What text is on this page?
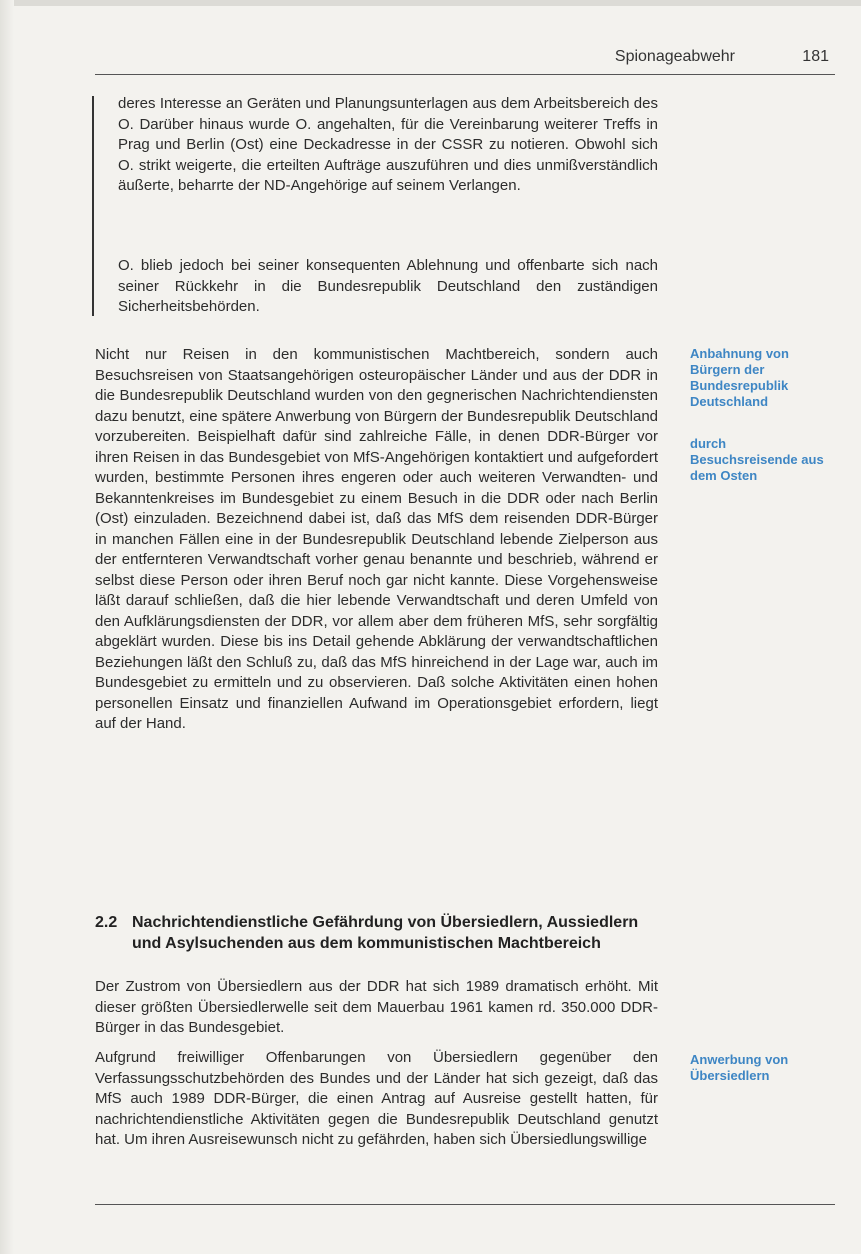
Spionageabwehr	181

deres Interesse an Geräten und Planungsunterlagen aus dem Arbeitsbereich des O. Darüber hinaus wurde O. angehalten, für die Vereinbarung weiterer Treffs in Prag und Berlin (Ost) eine Deckadresse in der CSSR zu notieren. Obwohl sich O. strikt weigerte, die erteilten Aufträge auszuführen und dies unmißverständlich äußerte, beharrte der ND-Angehörige auf seinem Verlangen.

O. blieb jedoch bei seiner konsequenten Ablehnung und offenbarte sich nach seiner Rückkehr in die Bundesrepublik Deutschland den zuständigen Sicherheitsbehörden.

Nicht nur Reisen in den kommunistischen Machtbereich, sondern auch Besuchsreisen von Staatsangehörigen osteuropäischer Länder und aus der DDR in die Bundesrepublik Deutschland wurden von den gegnerischen Nachrichtendiensten dazu benutzt, eine spätere Anwerbung von Bürgern der Bundesrepublik Deutschland vorzubereiten. Beispielhaft dafür sind zahlreiche Fälle, in denen DDR-Bürger vor ihren Reisen in das Bundesgebiet von MfS-Angehörigen kontaktiert und aufgefordert wurden, bestimmte Personen ihres engeren oder auch weiteren Verwandten- und Bekanntenkreises im Bundesgebiet zu einem Besuch in die DDR oder nach Berlin (Ost) einzuladen. Bezeichnend dabei ist, daß das MfS dem reisenden DDR-Bürger in manchen Fällen eine in der Bundesrepublik Deutschland lebende Zielperson aus der entfernteren Verwandtschaft vorher genau benannte und beschrieb, während er selbst diese Person oder ihren Beruf noch gar nicht kannte. Diese Vorgehensweise läßt darauf schließen, daß die hier lebende Verwandtschaft und deren Umfeld von den Aufklärungsdiensten der DDR, vor allem aber dem früheren MfS, sehr sorgfältig abgeklärt wurden. Diese bis ins Detail gehende Abklärung der verwandtschaftlichen Beziehungen läßt den Schluß zu, daß das MfS hinreichend in der Lage war, auch im Bundesgebiet zu ermitteln und zu observieren. Daß solche Aktivitäten einen hohen personellen Einsatz und finanziellen Aufwand im Operationsgebiet erfordern, liegt auf der Hand.

2.2 Nachrichtendienstliche Gefährdung von Übersiedlern, Aussiedlern und Asylsuchenden aus dem kommunistischen Machtbereich

Der Zustrom von Übersiedlern aus der DDR hat sich 1989 dramatisch erhöht. Mit dieser größten Übersiedlerwelle seit dem Mauerbau 1961 kamen rd. 350.000 DDR-Bürger in das Bundesgebiet.

Aufgrund freiwilliger Offenbarungen von Übersiedlern gegenüber den Verfassungsschutzbehörden des Bundes und der Länder hat sich gezeigt, daß das MfS auch 1989 DDR-Bürger, die einen Antrag auf Ausreise gestellt hatten, für nachrichtendienstliche Aktivitäten gegen die Bundesrepublik Deutschland genutzt hat. Um ihren Ausreisewunsch nicht zu gefährden, haben sich Übersiedlungswillige

Anbahnung von Bürgern der Bundesrepublik Deutschland

durch Besuchsreisende aus dem Osten

Anwerbung von Übersiedlern
